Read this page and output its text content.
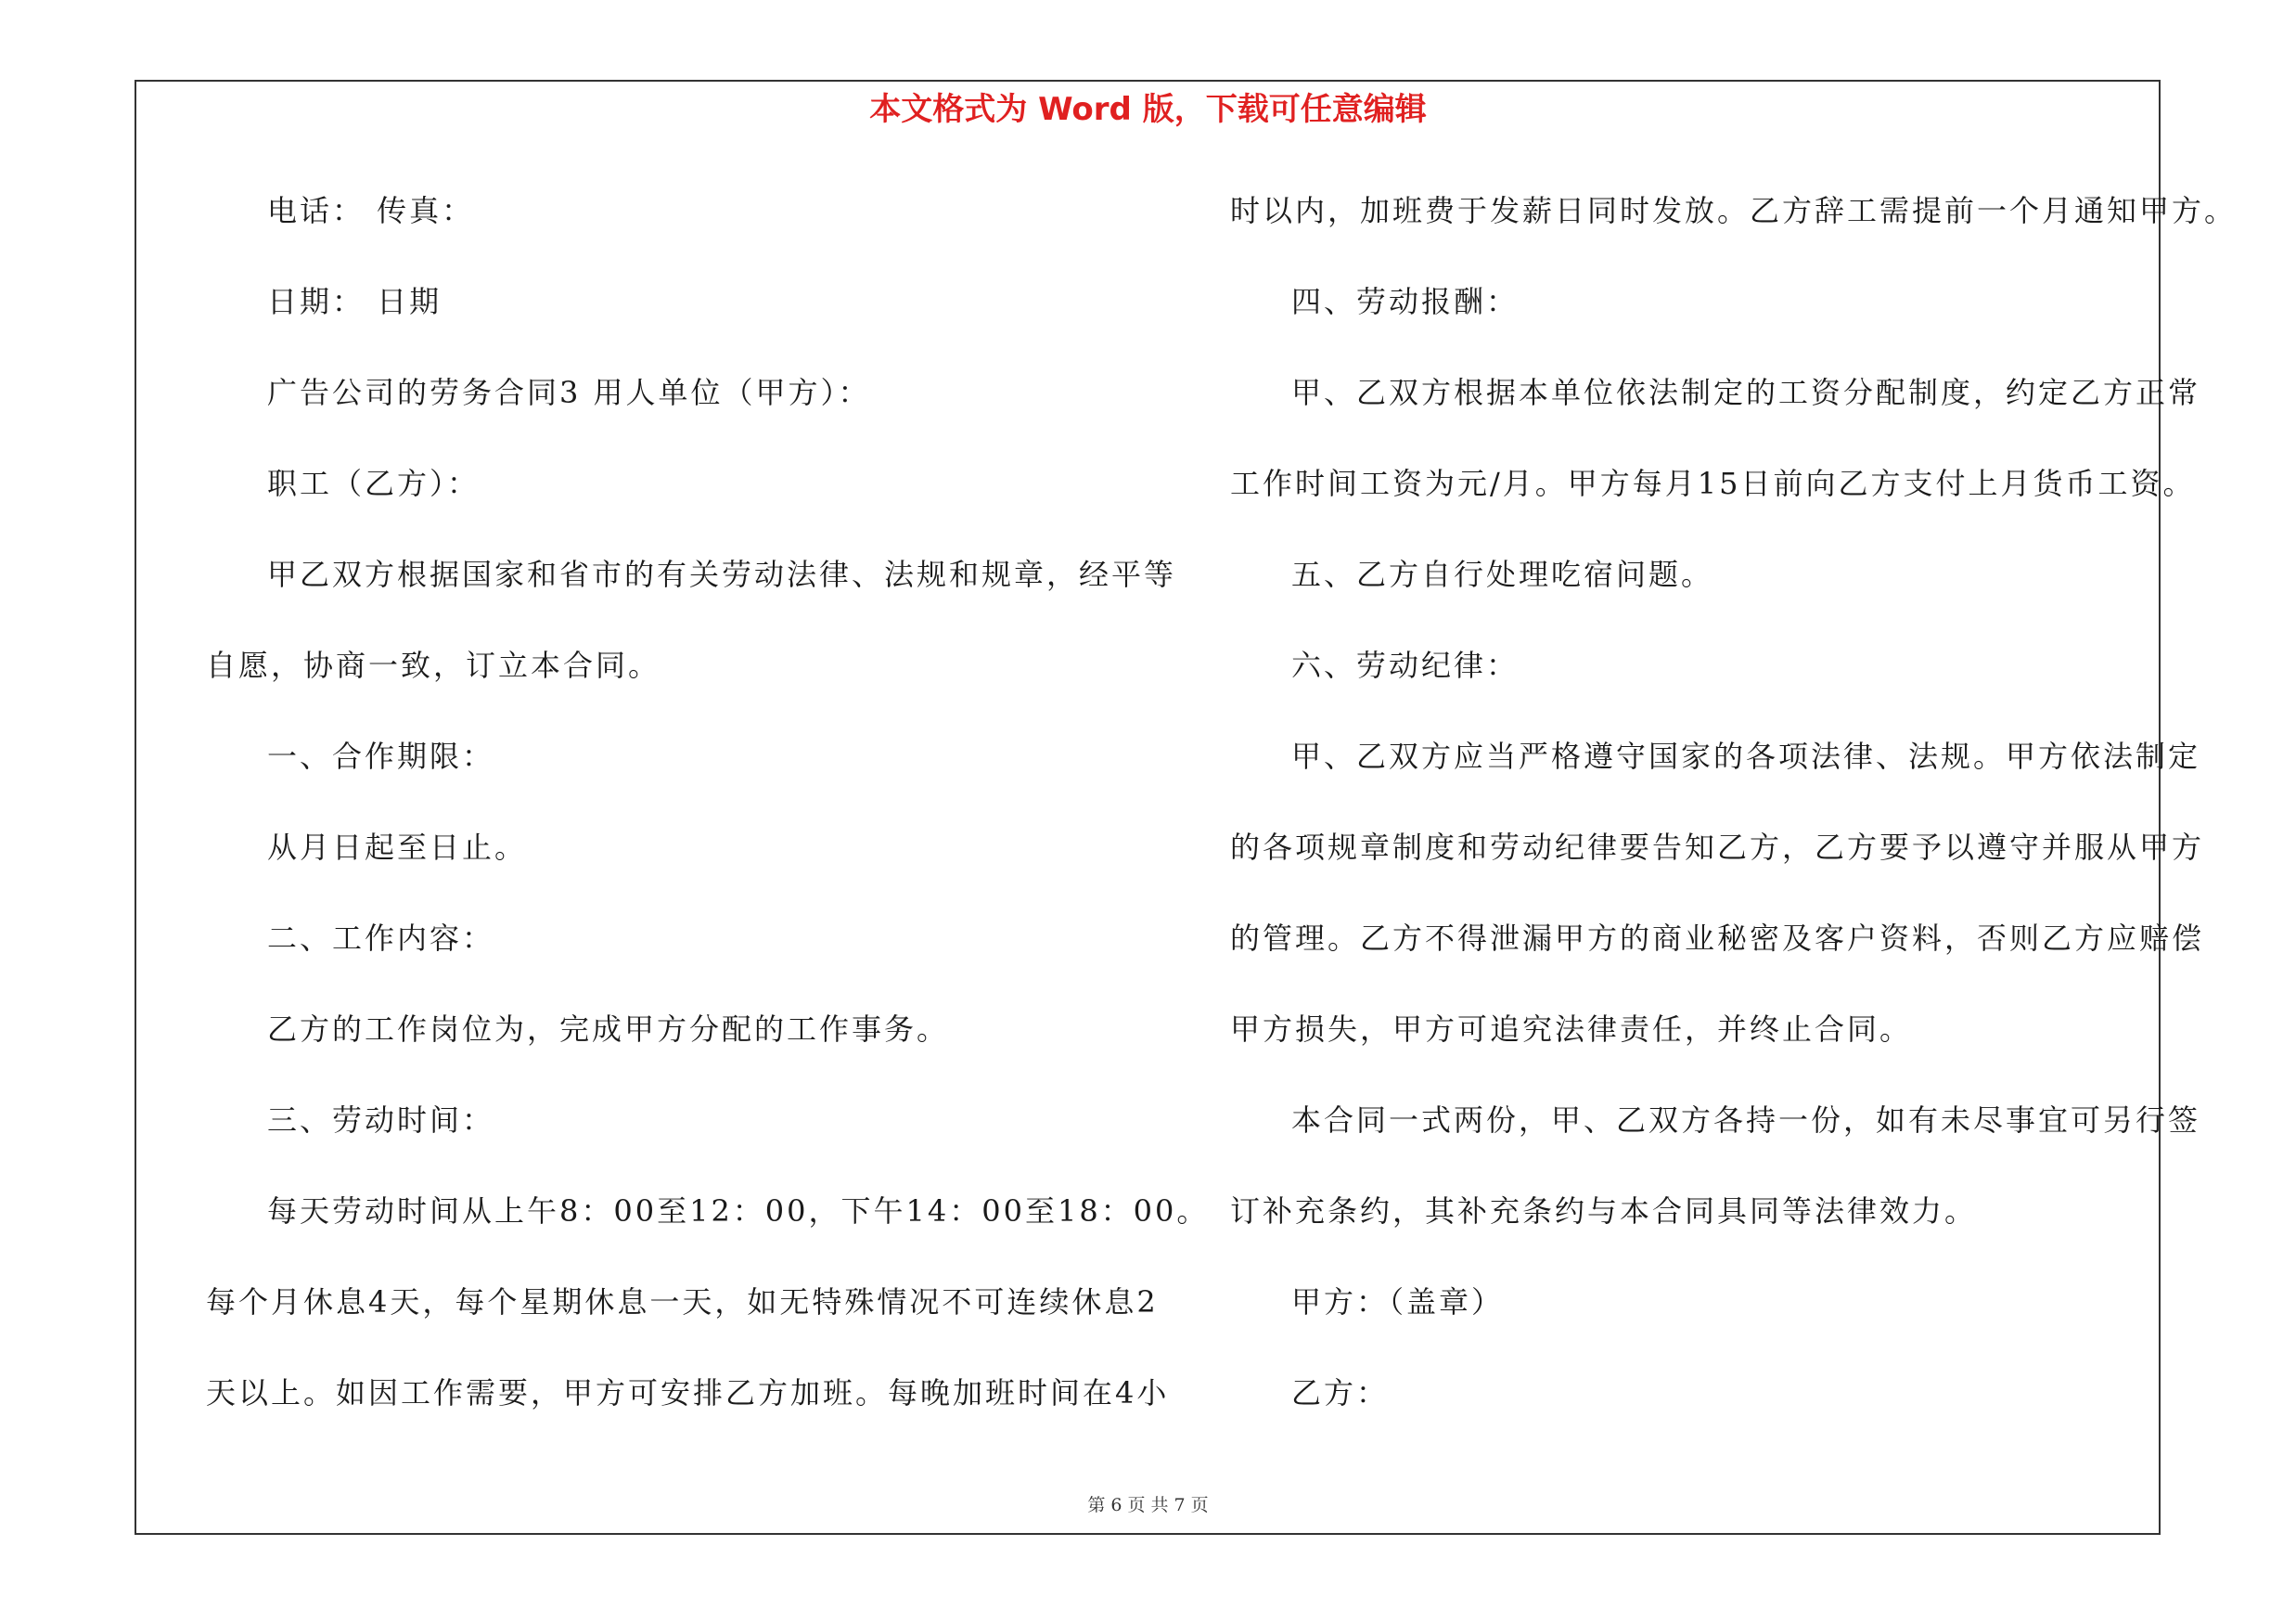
本文格式为 Word 版，下载可任意编辑
电话： 传真：
日期： 日期
广告公司的劳务合同3 用人单位（甲方）：
职工（乙方）：
甲乙双方根据国家和省市的有关劳动法律、法规和规章，经平等
自愿，协商一致，订立本合同。
一、合作期限：
从月日起至日止。
二、工作内容：
乙方的工作岗位为，完成甲方分配的工作事务。
三、劳动时间：
每天劳动时间从上午8：00至12：00，下午14：00至18：00。
每个月休息4天，每个星期休息一天，如无特殊情况不可连续休息2
天以上。如因工作需要，甲方可安排乙方加班。每晚加班时间在4小
时以内，加班费于发薪日同时发放。乙方辞工需提前一个月通知甲方。
四、劳动报酬：
甲、乙双方根据本单位依法制定的工资分配制度，约定乙方正常
工作时间工资为元/月。甲方每月15日前向乙方支付上月货币工资。
五、乙方自行处理吃宿问题。
六、劳动纪律：
甲、乙双方应当严格遵守国家的各项法律、法规。甲方依法制定
的各项规章制度和劳动纪律要告知乙方，乙方要予以遵守并服从甲方
的管理。乙方不得泄漏甲方的商业秘密及客户资料，否则乙方应赔偿
甲方损失，甲方可追究法律责任，并终止合同。
本合同一式两份，甲、乙双方各持一份，如有未尽事宜可另行签
订补充条约，其补充条约与本合同具同等法律效力。
甲方：（盖章）
乙方：
第 6 页 共 7 页
